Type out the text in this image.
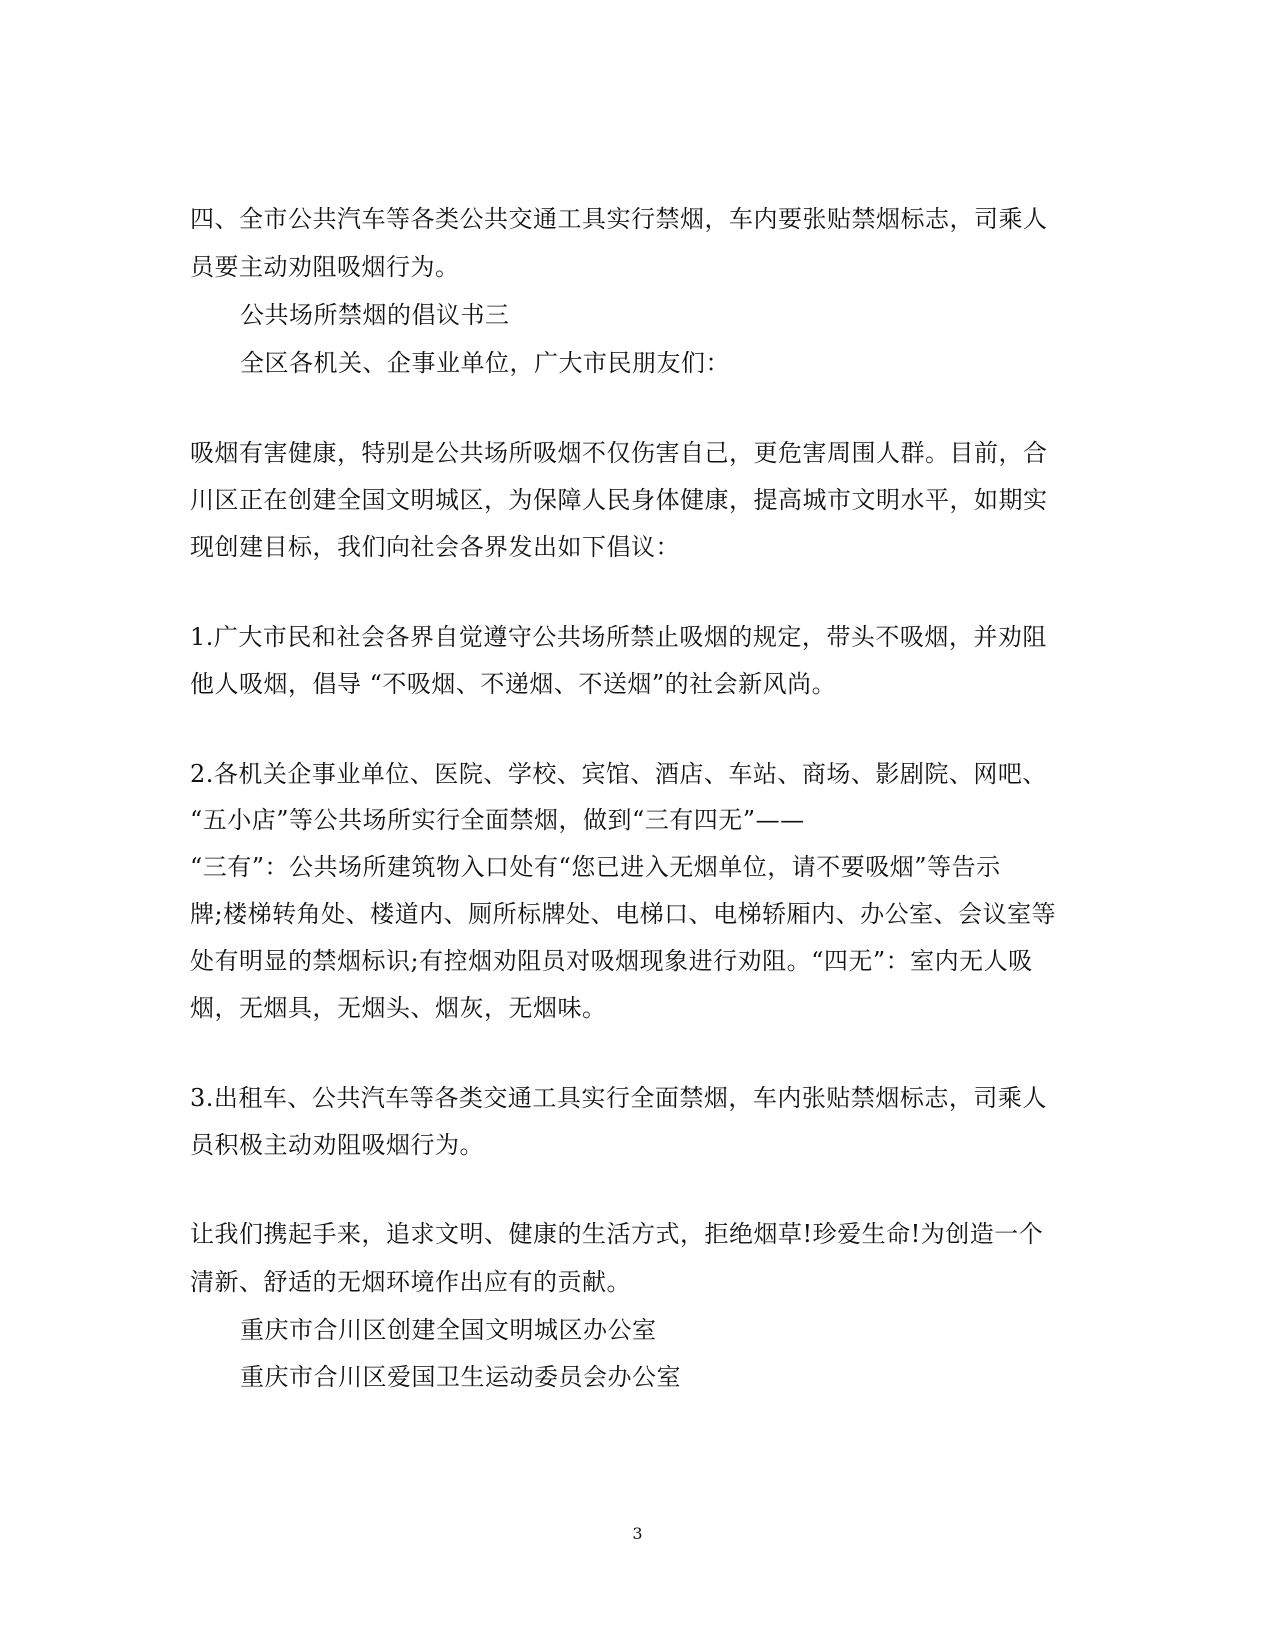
四、全市公共汽车等各类公共交通工具实行禁烟，车内要张贴禁烟标志，司乘人

员要主动劝阻吸烟行为。

公共场所禁烟的倡议书三

全区各机关、企事业单位，广大市民朋友们：

吸烟有害健康，特别是公共场所吸烟不仅伤害自己，更危害周围人群。目前，合

川区正在创建全国文明城区，为保障人民身体健康，提高城市文明水平，如期实

现创建目标，我们向社会各界发出如下倡议：

1.广大市民和社会各界自觉遵守公共场所禁止吸烟的规定，带头不吸烟，并劝阻

他人吸烟，倡导 “不吸烟、不递烟、不送烟”的社会新风尚。

2.各机关企事业单位、医院、学校、宾馆、酒店、车站、商场、影剧院、网吧、

“五小店”等公共场所实行全面禁烟，做到“三有四无”——

“三有”：公共场所建筑物入口处有“您已进入无烟单位，请不要吸烟”等告示

牌;楼梯转角处、楼道内、厕所标牌处、电梯口、电梯轿厢内、办公室、会议室等

处有明显的禁烟标识;有控烟劝阻员对吸烟现象进行劝阻。“四无”：室内无人吸

烟，无烟具，无烟头、烟灰，无烟味。

3.出租车、公共汽车等各类交通工具实行全面禁烟，车内张贴禁烟标志，司乘人

员积极主动劝阻吸烟行为。

让我们携起手来，追求文明、健康的生活方式，拒绝烟草!珍爱生命!为创造一个

清新、舒适的无烟环境作出应有的贡献。

重庆市合川区创建全国文明城区办公室

重庆市合川区爱国卫生运动委员会办公室

3
